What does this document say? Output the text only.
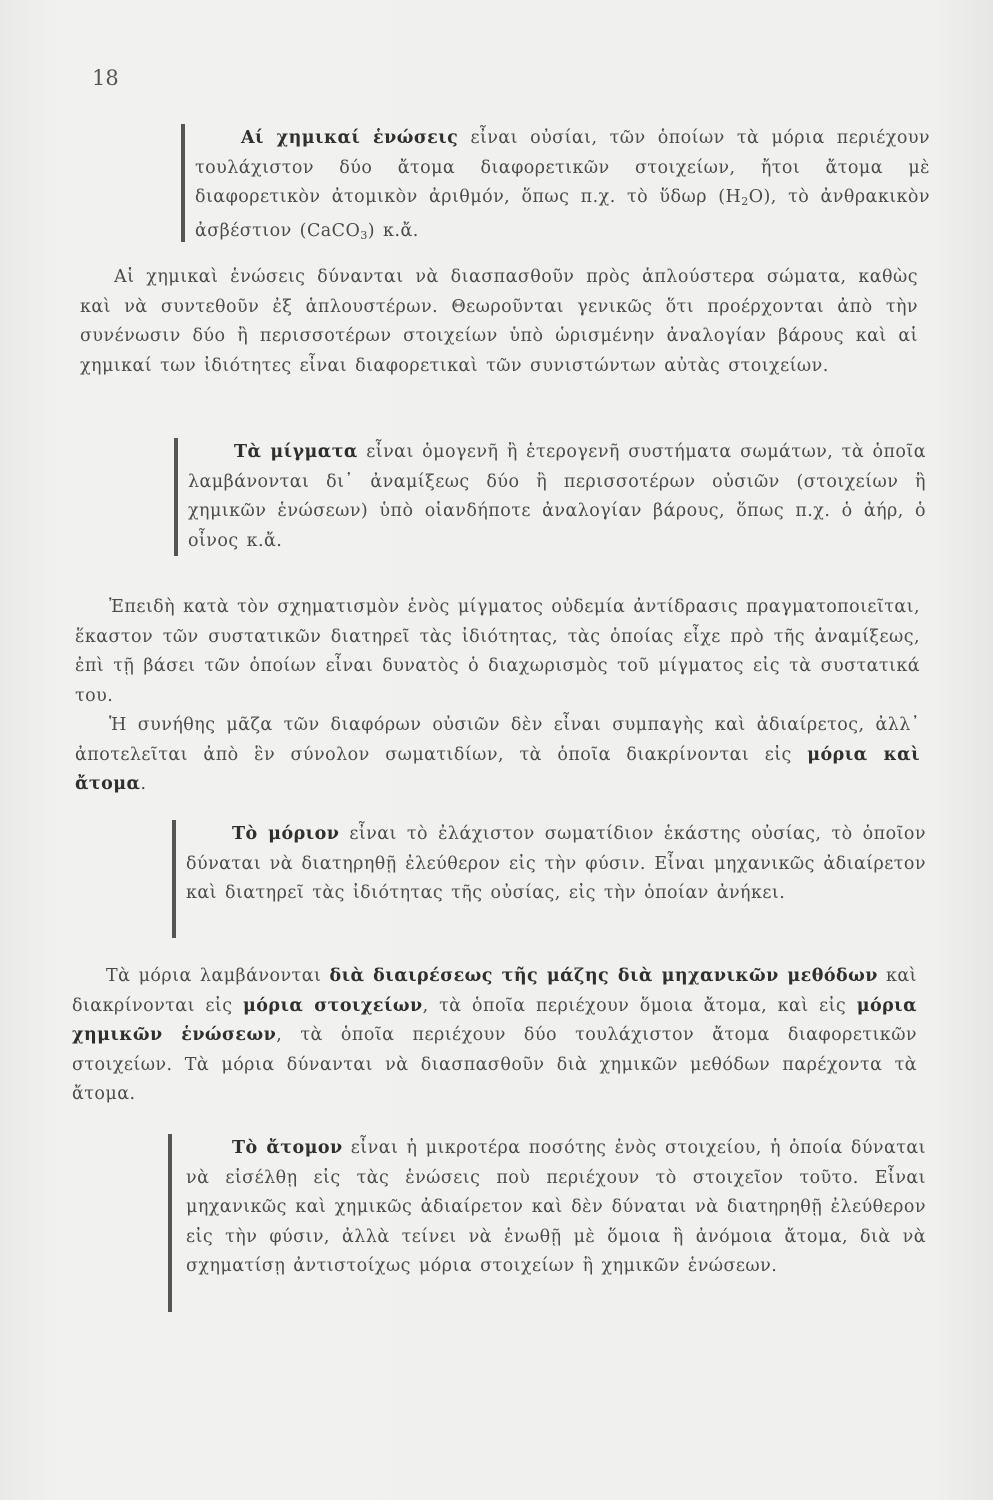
18

Αί χημικαί ἑνώσεις εἶναι οὐσίαι, τῶν ὁποίων τὰ μόρια περιέχουν τουλάχιστον δύο ἄτομα διαφορετικῶν στοιχείων, ἤτοι ἄτομα μὲ διαφορετικὸν ἀτομικὸν ἀριθμόν, ὅπως π.χ. τὸ ὕδωρ $(H_2O)$, τὸ ἀνθρακικὸν ἀσβέστιον (CaCO$_3$) κ.ἄ.

Αἱ χημικαὶ ἑνώσεις δύνανται νὰ διασπασθοῦν πρὸς ἁπλούστερα σώματα, καθὼς καὶ νὰ συντεθοῦν ἐξ ἁπλουστέρων. Θεωροῦνται γενικῶς ὅτι προέρχονται ἀπὸ τὴν συνένωσιν δύο ἢ περισσοτέρων στοιχείων ὑπὸ ὡρισμένην ἀναλογίαν βάρους καὶ αἱ χημικαί των ἰδιότητες εἶναι διαφορετικαὶ τῶν συνιστώντων αὐτὰς στοιχείων.

Τὰ μίγματα εἶναι ὁμογενῆ ἢ ἑτερογενῆ συστήματα σωμάτων, τὰ ὁποῖα λαμβάνονται δι᾽ ἀναμίξεως δύο ἢ περισσοτέρων οὐσιῶν (στοιχείων ἢ χημικῶν ἑνώσεων) ὑπὸ οἱανδήποτε ἀναλογίαν βάρους, ὅπως π.χ. ὁ ἀήρ, ὁ οἶνος κ.ἄ.

Ἐπειδὴ κατὰ τὸν σχηματισμὸν ἑνὸς μίγματος οὐδεμία ἀντίδρασις πραγματοποιεῖται, ἕκαστον τῶν συστατικῶν διατηρεῖ τὰς ἰδιότητας, τὰς ὁποίας εἶχε πρὸ τῆς ἀναμίξεως, ἐπὶ τῇ βάσει τῶν ὁποίων εἶναι δυνατὸς ὁ διαχωρισμὸς τοῦ μίγματος εἰς τὰ συστατικά του.

Ἡ συνήθης μᾶζα τῶν διαφόρων οὐσιῶν δὲν εἶναι συμπαγὴς καὶ ἀδιαίρετος, ἀλλ᾽ ἀποτελεῖται ἀπὸ ἓν σύνολον σωματιδίων, τὰ ὁποῖα διακρίνονται εἰς μόρια καὶ ἄτομα.

Τὸ μόριον εἶναι τὸ ἐλάχιστον σωματίδιον ἑκάστης οὐσίας, τὸ ὁποῖον δύναται νὰ διατηρηθῇ ἐλεύθερον εἰς τὴν φύσιν. Εἶναι μηχανικῶς ἀδιαίρετον καὶ διατηρεῖ τὰς ἰδιότητας τῆς οὐσίας, εἰς τὴν ὁποίαν ἀνήκει.

Τὰ μόρια λαμβάνονται διὰ διαιρέσεως τῆς μάζης διὰ μηχανικῶν μεθόδων καὶ διακρίνονται εἰς μόρια στοιχείων, τὰ ὁποῖα περιέχουν ὅμοια ἄτομα, καὶ εἰς μόρια χημικῶν ἑνώσεων, τὰ ὁποῖα περιέχουν δύο τουλάχιστον ἄτομα διαφορετικῶν στοιχείων. Τὰ μόρια δύνανται νὰ διασπασθοῦν διὰ χημικῶν μεθόδων παρέχοντα τὰ ἄτομα.

Τὸ ἄτομον εἶναι ἡ μικροτέρα ποσότης ἑνὸς στοιχείου, ἡ ὁποία δύναται νὰ εἰσέλθῃ εἰς τὰς ἑνώσεις ποὺ περιέχουν τὸ στοιχεῖον τοῦτο. Εἶναι μηχανικῶς καὶ χημικῶς ἀδιαίρετον καὶ δὲν δύναται νὰ διατηρηθῇ ἐλεύθερον εἰς τὴν φύσιν, ἀλλὰ τείνει νὰ ἑνωθῇ μὲ ὅμοια ἢ ἀνόμοια ἄτομα, διὰ νὰ σχηματίσῃ ἀντιστοίχως μόρια στοιχείων ἢ χημικῶν ἑνώσεων.
